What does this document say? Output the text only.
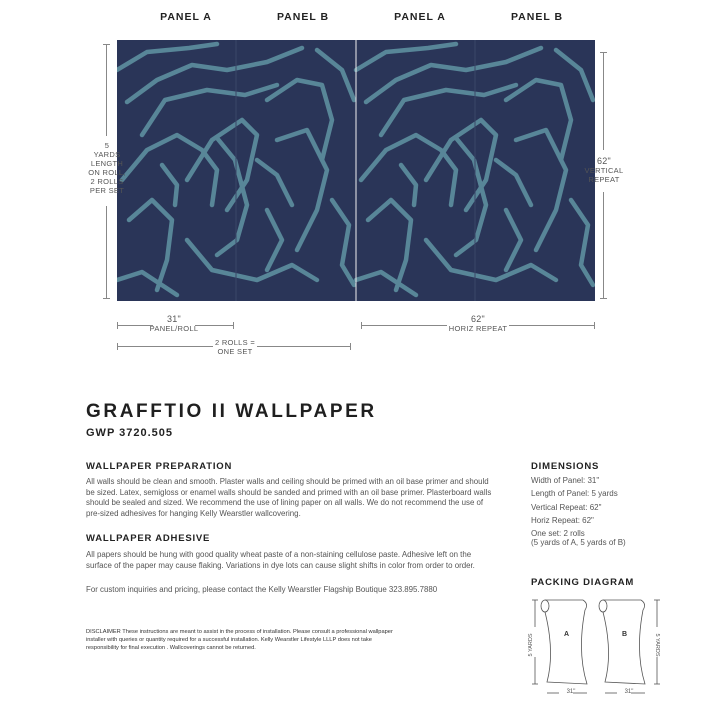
PANEL A	PANEL B	PANEL A	PANEL B
5
YARDS
LENGTH
ON ROLL,
2 ROLLS
PER SET
62"
VERTICAL
REPEAT
31"
PANEL/ROLL
2 ROLLS =
ONE SET
62"
HORIZ REPEAT
GRAFFTIO II WALLPAPER
GWP 3720.505
WALLPAPER PREPARATION
All walls should be clean and smooth. Plaster walls and ceiling should be primed with an oil base primer and should
be sized. Latex, semigloss or enamel walls should be sanded and primed with an oil base primer. Plasterboard walls
should be sealed and sized. We recommend the use of lining paper on all walls. We do not recommend the use of
pre-sized adhesives for hanging Kelly Wearstler wallcovering.
WALLPAPER ADHESIVE
All papers should be hung with good quality wheat paste of a non-staining cellulose paste. Adhesive left on the
surface of the paper may cause flaking. Variations in dye lots can cause slight shifts in color from order to order.
For custom inquiries and pricing, please contact the Kelly Wearstler Flagship Boutique 323.895.7880
DISCLAIMER These instructions are meant to assist in the process of installation. Please consult a professional wallpaper
installer with queries or quantity required for a successful installation. Kelly Wearstler Lifestyle LLLP does not take
responsibility for final execution . Wallcoverings cannot be returned.
DIMENSIONS
Width of Panel: 31"
Length of Panel: 5 yards
Vertical Repeat: 62"
Horiz Repeat: 62"
One set: 2 rolls
(5 yards of A, 5 yards of B)
PACKING DIAGRAM
A	B
5 YARDS	5 YARDS
31"	31"
